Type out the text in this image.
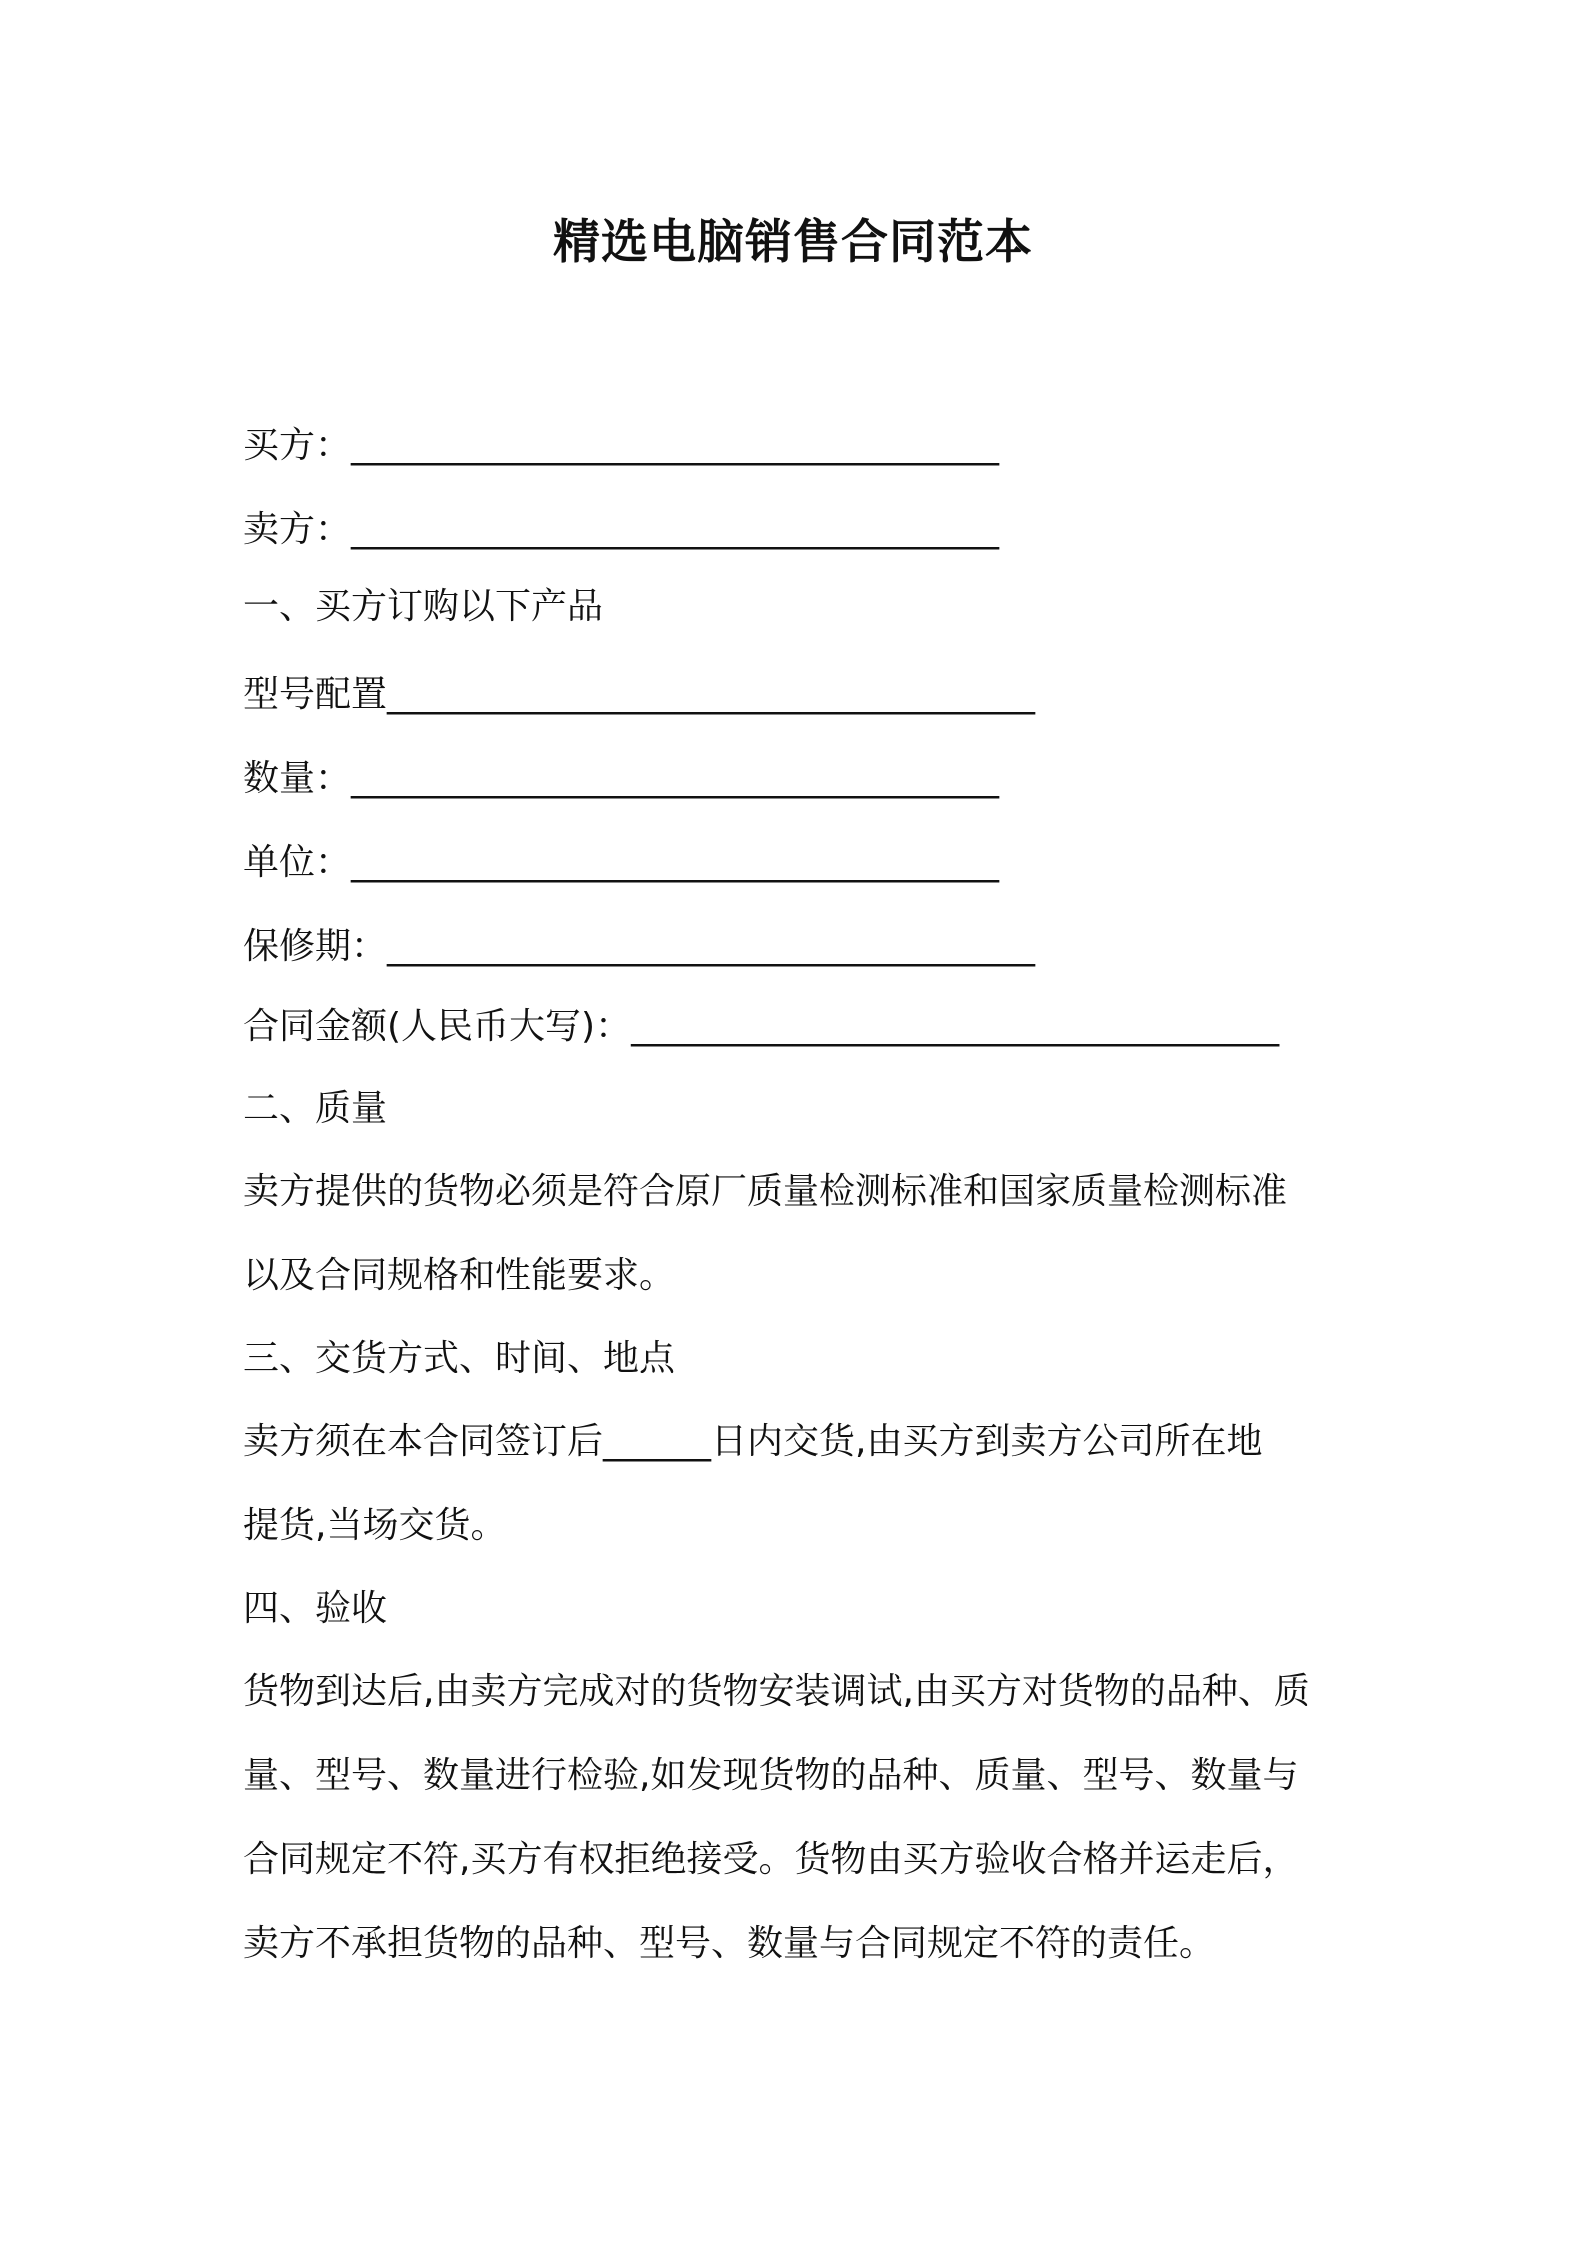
精选电脑销售合同范本
买方：____________________________________
卖方：____________________________________
一、买方订购以下产品
型号配置____________________________________
数量：____________________________________
单位：____________________________________
保修期：____________________________________
合同金额(人民币大写)：____________________________________
二、质量
卖方提供的货物必须是符合原厂质量检测标准和国家质量检测标准
以及合同规格和性能要求。
三、交货方式、时间、地点
卖方须在本合同签订后______日内交货,由买方到卖方公司所在地
提货,当场交货。
四、验收
货物到达后,由卖方完成对的货物安装调试,由买方对货物的品种、质
量、型号、数量进行检验,如发现货物的品种、质量、型号、数量与
合同规定不符,买方有权拒绝接受。货物由买方验收合格并运走后，
卖方不承担货物的品种、型号、数量与合同规定不符的责任。
